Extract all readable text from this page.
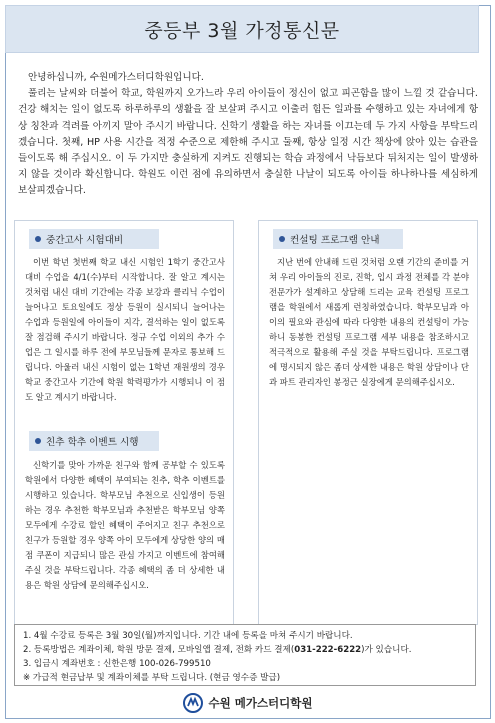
중등부 3월 가정통신문

안녕하십니까, 수원메가스터디학원입니다.

풀리는 날씨와 더불어 학교, 학원까지 오가느라 우리 아이들이 정신이 없고 피곤함을 많이 느낄 것 같습니다. 건강 해치는 일이 없도록 하루하루의 생활을 잘 보살펴 주시고 이출러 힘든 일과를 수행하고 있는 자녀에게 항상 칭찬과 격려를 아끼지 말아 주시기 바랍니다. 신학기 생활을 하는 자녀를 이끄는데 두 가지 사항을 부탁드리겠습니다. 첫째, HP 사용 시간을 적정 수준으로 제한해 주시고 둘째, 항상 일정 시간 책상에 앉아 있는 습관을 들이도록 해 주십시오. 이 두 가지만 충실하게 지켜도 진행되는 학습 과정에서 낙듬보다 뒤처지는 일이 발생하지 않을 것이라 확신합니다. 학원도 이런 점에 유의하면서 충실한 나날이 되도록 아이들 하나하나를 세심하게 보살피겠습니다.

중간고사 시험대비

이번 학년 첫번째 학교 내신 시험인 1학기 중간고사 대비 수업을 4/1(수)부터 시작합니다. 잘 알고 계시는 것처럼 내신 대비 기간에는 각종 보강과 클리닉 수업이 늘어나고 토요일에도 정상 등원이 실시되니 늘어나는 수업과 등원일에 아이들이 지각, 결석하는 일이 없도록 잘 점검해 주시기 바랍니다. 정규 수업 이외의 추가 수업은 그 일시를 하루 전에 부모님들께 문자로 통보해 드립니다. 아울러 내신 시험이 없는 1학년 재원생의 경우 학교 중간고사 기간에 학원 학력평가가 시행되니 이 점도 알고 계시기 바랍니다.

친추 학추 이벤트 시행

신학기를 맞아 가까운 친구와 함께 공부할 수 있도록 학원에서 다양한 혜택이 부여되는 친추, 학추 이벤트를 시행하고 있습니다. 학부모님 추천으로 신입생이 등원하는 경우 추천한 학부모님과 추천받은 학부모님 양쪽 모두에게 수강료 할인 혜택이 주어지고 친구 추천으로 친구가 등원할 경우 양쪽 아이 모두에게 상당한 양의 매점 쿠폰이 지급되니 많은 관심 가지고 이벤트에 참여해 주실 것을 부탁드립니다. 각종 혜택의 좀 더 상세한 내용은 학원 상담에 문의해주십시오.

컨설팅 프로그램 안내

지난 번에 안내해 드린 것처럼 오랜 기간의 준비를 거쳐 우리 아이들의 진로, 진학, 입시 과정 전체를 각 분야 전문가가 설계하고 상담해 드리는 교육 컨설팅 프로그램을 학원에서 새롭게 런칭하였습니다. 학부모님과 아이의 필요와 관심에 따라 다양한 내용의 컨설팅이 가능하니 동봉한 컨설팅 프로그램 세부 내용을 참조하시고 적극적으로 활용해 주실 것을 부탁드립니다. 프로그램에 명시되지 않은 좀더 상세한 내용은 학원 상담이나 단과 파트 관리자인 봉정근 실장에게 문의해주십시오.

1. 4월 수강료 등록은 3월 30일(월)까지입니다. 기간 내에 등록을 마쳐 주시기 바랍니다.
2. 등록방법은 계좌이체, 학원 방문 결제, 모바일앱 결제, 전화 카드 결제(031-222-6222)가 있습니다.
3. 입금시 계좌번호 : 신한은행 100-026-799510
※ 가급적 현금납부 및 계좌이체를 부탁 드립니다. (현금 영수증 발급)
수원 메가스터디학원
